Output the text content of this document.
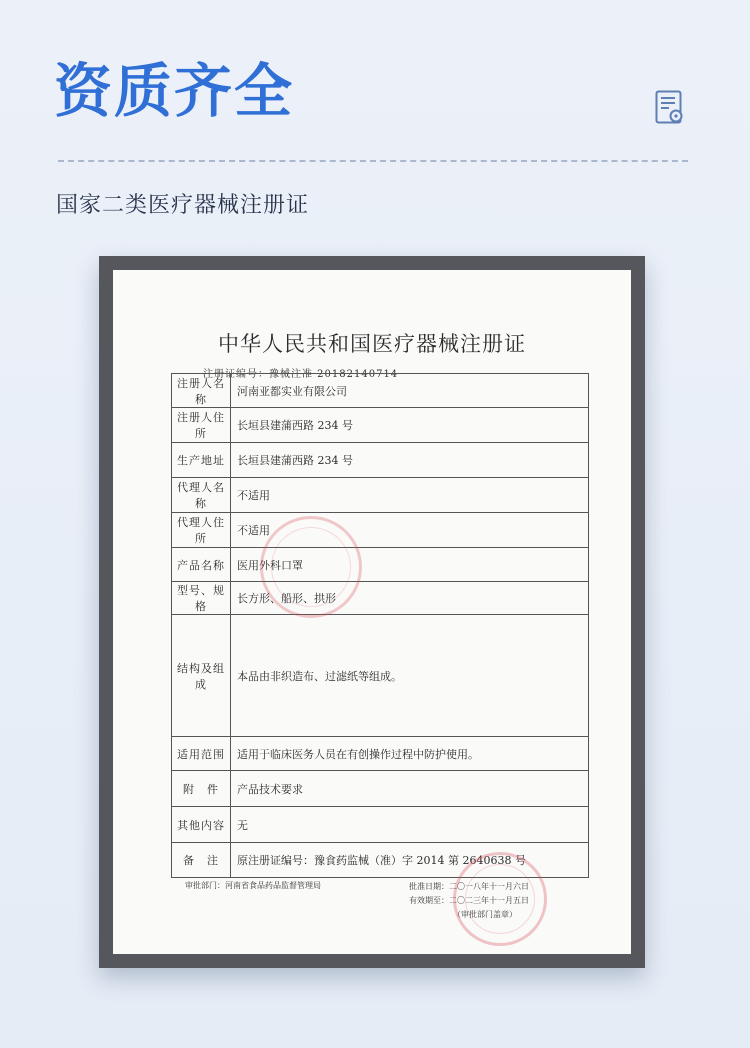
资质齐全
国家二类医疗器械注册证
中华人民共和国医疗器械注册证
注册证编号：豫械注准 20182140714
注册人名称	河南亚都实业有限公司
注册人住所	长垣县建蒲西路 234 号
生产地址	长垣县建蒲西路 234 号
代理人名称	不适用
代理人住所	不适用
产品名称	医用外科口罩
型号、规格	长方形、船形、拱形
结构及组成	本品由非织造布、过滤纸等组成。
适用范围	适用于临床医务人员在有创操作过程中防护使用。
附　件	产品技术要求
其他内容	无
备　注	原注册证编号：豫食药监械（准）字 2014 第 2640638 号
审批部门：河南省食品药品监督管理局	批准日期：二〇一八年十一月六日
有效期至：二〇二三年十一月五日
（审批部门盖章）
